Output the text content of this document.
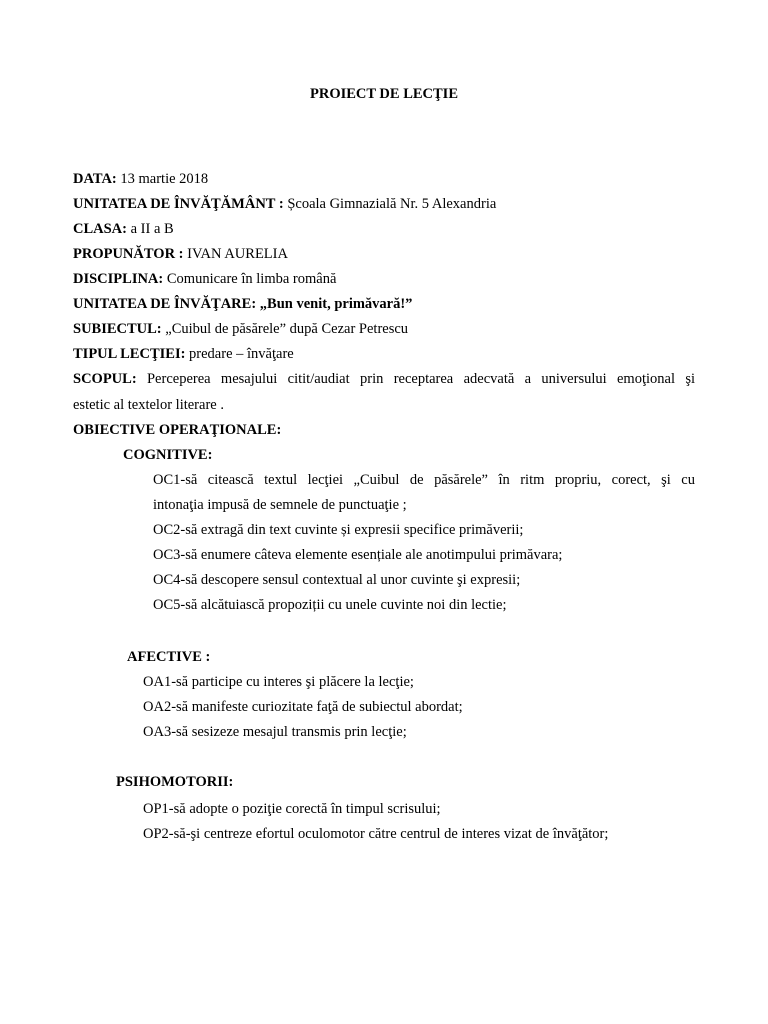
PROIECT DE LECŢIE
DATA: 13 martie 2018
UNITATEA DE ÎNVĂŢĂMÂNT : Școala Gimnazială Nr. 5 Alexandria
CLASA: a II a B
PROPUNĂTOR : IVAN AURELIA
DISCIPLINA: Comunicare în limba română
UNITATEA DE ÎNVĂŢARE: „Bun venit, primăvară!”
SUBIECTUL: „Cuibul de păsărele” după Cezar Petrescu
TIPUL LECŢIEI: predare – învăţare
SCOPUL: Perceperea mesajului citit/audiat prin receptarea adecvată a universului emoţional şi
estetic al textelor literare .
OBIECTIVE OPERAŢIONALE:
COGNITIVE:
OC1-să citească textul lecţiei „Cuibul de păsărele” în ritm propriu, corect, şi cu
intonaţia impusă de semnele de punctuaţie ;
OC2-să extragă din text cuvinte și expresii specifice primăverii;
OC3-să enumere câteva elemente esențiale ale anotimpului primăvara;
OC4-să descopere sensul contextual al unor cuvinte şi expresii;
OC5-să alcătuiască propoziții cu unele cuvinte noi din lectie;
AFECTIVE :
OA1-să participe cu interes şi plăcere la lecţie;
OA2-să manifeste curiozitate faţă de subiectul abordat;
OA3-să sesizeze mesajul transmis prin lecţie;
PSIHOMOTORII:
OP1-să adopte o poziţie corectă în timpul scrisului;
OP2-să-şi centreze efortul oculomotor către centrul de interes vizat de învăţător;
